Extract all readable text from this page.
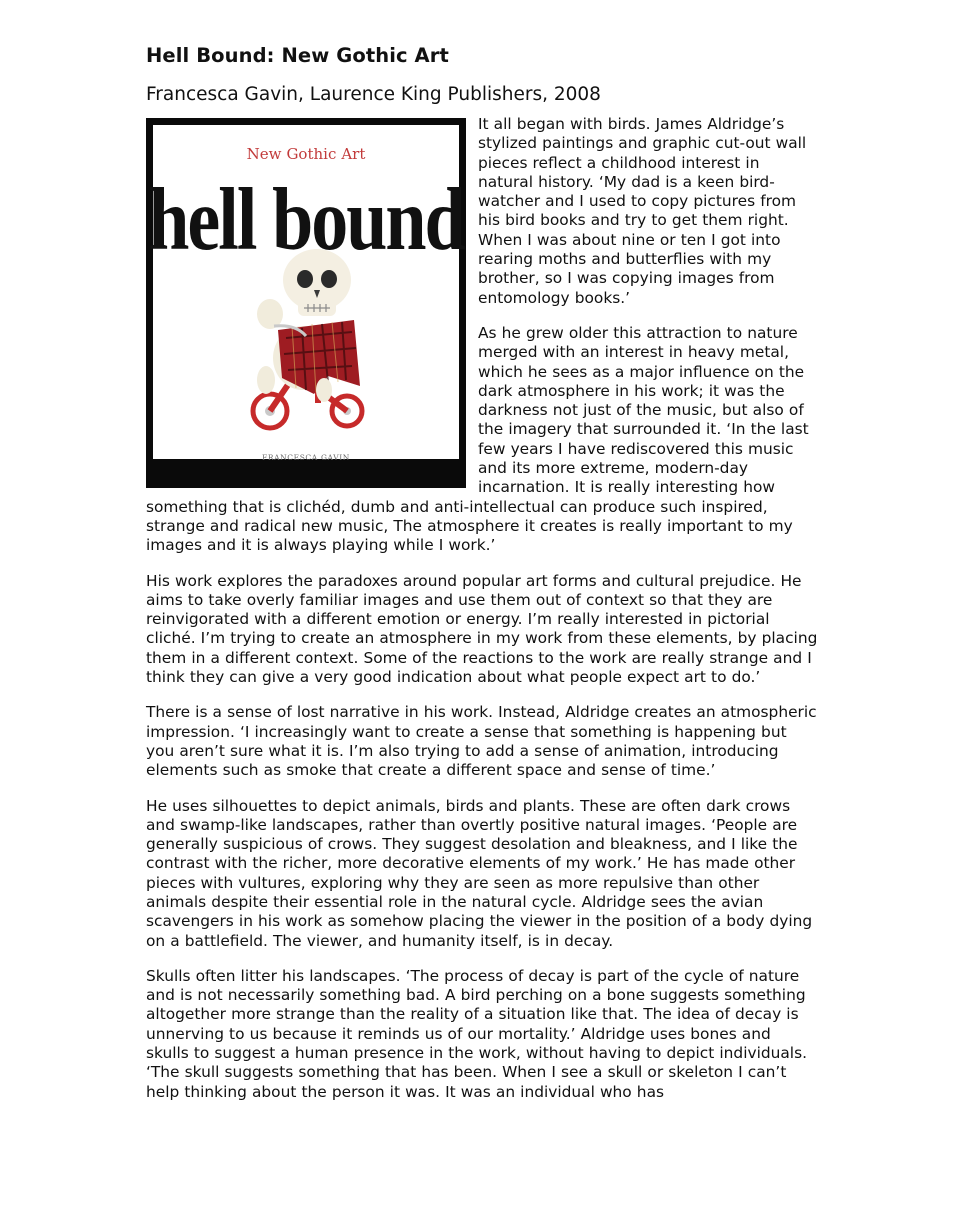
Hell Bound: New Gothic Art
Francesca Gavin, Laurence King Publishers, 2008
New Gothic Art
hell bound
FRANCESCA GAVIN

It all began with birds. James Aldridge’s stylized paintings and graphic cut-out wall pieces reflect a childhood interest in natural history. ‘My dad is a keen bird-watcher and I used to copy pictures from his bird books and try to get them right. When I was about nine or ten I got into rearing moths and butterflies with my brother, so I was copying images from entomology books.’

As he grew older this attraction to nature merged with an interest in heavy metal, which he sees as a major influence on the dark atmosphere in his work; it was the darkness not just of the music, but also of the imagery that surrounded it. ‘In the last few years I have rediscovered this music and its more extreme, modern-day incarnation. It is really interesting how something that is clichéd, dumb and anti-intellectual can produce such inspired, strange and radical new music, The atmosphere it creates is really important to my images and it is always playing while I work.’

His work explores the paradoxes around popular art forms and cultural prejudice. He aims to take overly familiar images and use them out of context so that they are reinvigorated with a different emotion or energy. I’m really interested in pictorial cliché. I’m trying to create an atmosphere in my work from these elements, by placing them in a different context. Some of the reactions to the work are really strange and I think they can give a very good indication about what people expect art to do.’

There is a sense of lost narrative in his work. Instead, Aldridge creates an atmospheric impression. ‘I increasingly want to create a sense that something is happening but you aren’t sure what it is. I’m also trying to add a sense of animation, introducing elements such as smoke that create a different space and sense of time.’

He uses silhouettes to depict animals, birds and plants. These are often dark crows and swamp-like landscapes, rather than overtly positive natural images. ‘People are generally suspicious of crows. They suggest desolation and bleakness, and I like the contrast with the richer, more decorative elements of my work.’ He has made other pieces with vultures, exploring why they are seen as more repulsive than other animals despite their essential role in the natural cycle. Aldridge sees the avian scavengers in his work as somehow placing the viewer in the position of a body dying on a battlefield. The viewer, and humanity itself, is in decay.

Skulls often litter his landscapes. ‘The process of decay is part of the cycle of nature and is not necessarily something bad. A bird perching on a bone suggests something altogether more strange than the reality of a situation like that. The idea of decay is unnerving to us because it reminds us of our mortality.’ Aldridge uses bones and skulls to suggest a human presence in the work, without having to depict individuals. ‘The skull suggests something that has been. When I see a skull or skeleton I can’t help thinking about the person it was. It was an individual who has
